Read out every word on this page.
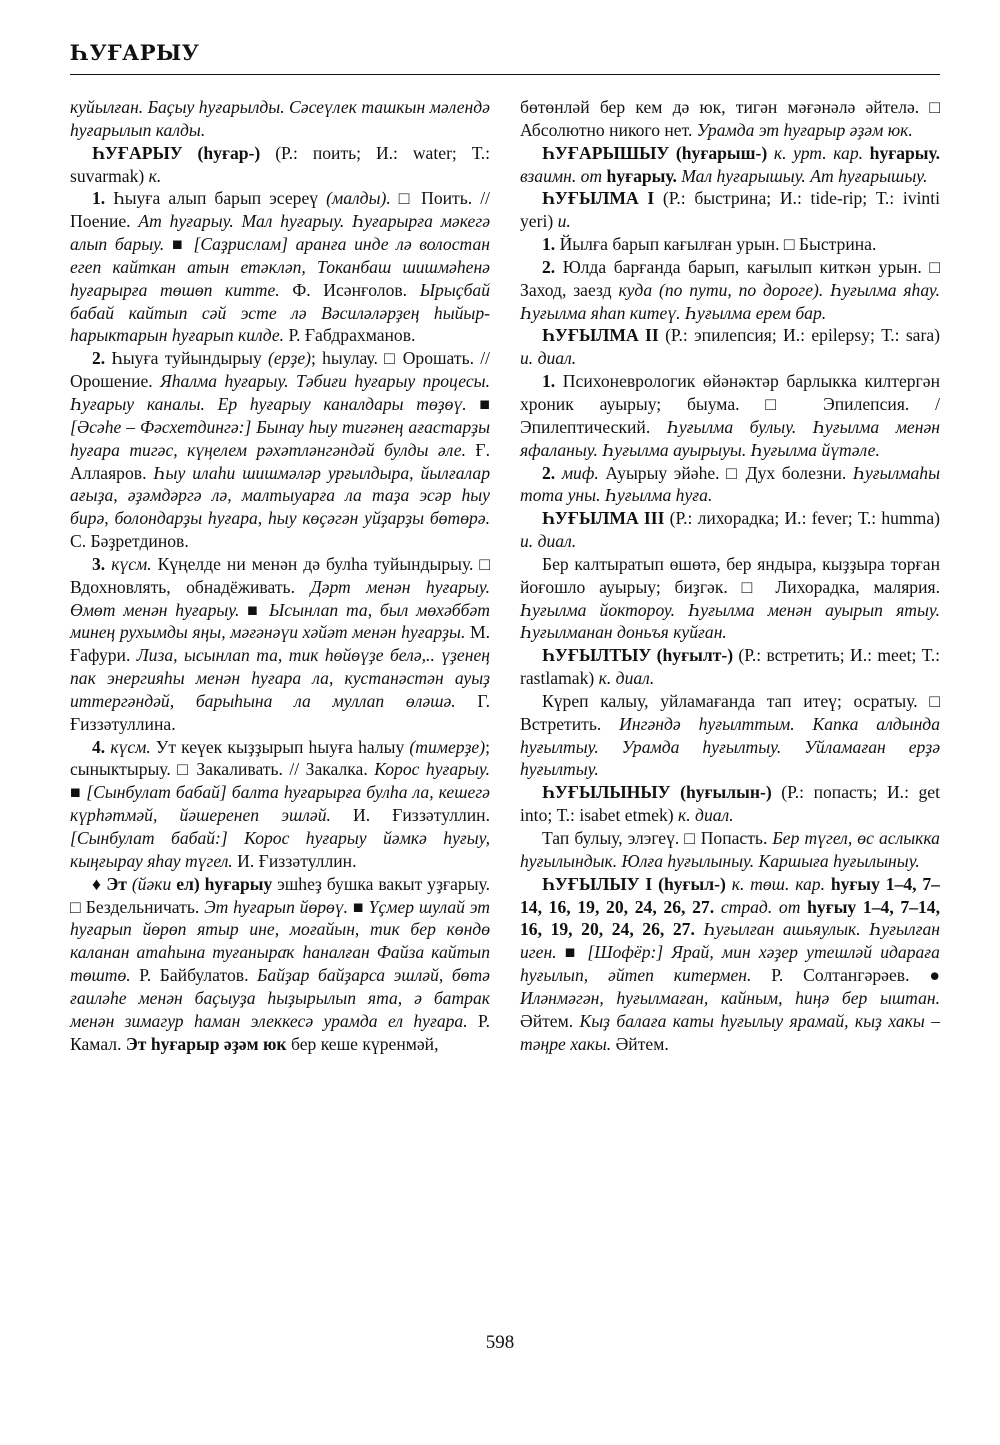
ҺУҒАРЫУ

куйылған. Баҫыу һуғарылды. Сәсеүлек ташкын мәлендә һуғарылып калды.

ҺУҒАРЫУ (һуғар-) (Р.: поить; И.: water; Т.: suvarmak) к.

1. Һыуға алып барып эсереү (малды). □ Поить. // Поение. Ат һуғарыу. Мал һуғарыу. Һуғарырға мәкегә алып барыу. ■ [Саҙрислам] аранға инде лә волостан егеп кайткан атын етәкләп, Токанбаш шишмәһенә һуғарырға төшөп китте. Ф. Исәнғолов. Ырыҫбай бабай кайтып сәй эсте лә Вәсиләләрҙең һыйыр-һарыктарын һуғарып килде. Р. Ғабдрахманов.

2. Һыуға туйындырыу (ерҙе); һыулау. □ Орошать. // Орошение. Яһалма һуғарыу. Тәбиғи һуғарыу процесы. Һуғарыу каналы. Ер һуғарыу каналдары төҙөү. ■ [Әсәһе – Фәсхетдингә:] Бынау һыу тигәнең ағастарҙы һуғара тигәс, күңелем рәхәтләнгәндәй булды әле. Ғ. Аллаяров. Һыу илаһи шишмәләр урғылдыра, йылғалар ағыҙа, әҙәмдәргә лә, малтыуарға ла таҙа эсәр һыу бирә, болондарҙы һуғара, һыу көҫәгән уйҙарҙы бөтөрә. С. Бәҙретдинов.

3. күсм. Күңелде ни менән дә булһа туйындырыу. □ Вдохновлять, обнадёживать. Дәрт менән һуғарыу. Өмөт менән һуғарыу. ■ Ысынлап та, был мөхәббәт минең рухымды яңы, мәғәнәүи хәйәт менән һуғарҙы. М. Ғафури. Лиза, ысынлап та, тик һөйөүҙе белә,.. үҙенең пак энергияһы менән һуғара ла, кустанәстән ауыҙ иттергәндәй, барыһына ла муллап өләшә. Г. Ғиззәтуллина.

4. күсм. Ут кеүек кыҙҙырып һыуға һалыу (тимерҙе); сыныктырыу. □ Закаливать. // Закалка. Корос һуғарыу. ■ [Сынбулат бабай] балта һуғарырға булһа ла, кешегә күрһәтмәй, йәшеренеп эшләй. И. Ғиззәтуллин. [Сынбулат бабай:] Корос һуғарыу йәмкә һуғыу, кыңғырау яһау түгел. И. Ғиззәтуллин.

♦ Эт (йәки ел) һуғарыу эшһеҙ бушка вакыт уҙғарыу. □ Бездельничать. Эт һуғарып йөрөү. ■ Үҫмер шулай эт һуғарып йөрөп ятыр ине, моғайын, тик бер көндө каланан атаһына туғаныраҡ һаналған Файза кайтып төштө. Р. Байбулатов. Байҙар байҙарса эшләй, бөтә ғаиләһе менән баҫыуҙа һыҙырылып ята, ә батрак менән зимагур һаман элеккесә урамда ел һуғара. Р. Камал. Эт һуғарыр әҙәм юк бер кеше күренмәй,

бөтөнләй бер кем дә юк, тигән мәғәнәлә әйтелә. □ Абсолютно никого нет. Урамда эт һуғарыр әҙәм юк.

ҺУҒАРЫШЫУ (һуғарыш-) к. урт. кар. һуғарыу. взаимн. от һуғарыу. Мал һуғарышыу. Ат һуғарышыу.

ҺУҒЫЛМА I (Р.: быстрина; И.: tide-rip; Т.: ivinti yeri) и.

1. Йылға барып кағылған урын. □ Быстрина.

2. Юлда барғанда барып, кағылып киткән урын. □ Заход, заезд куда (по пути, по дороге). Һуғылма яһау. Һуғылма яһап китеү. Һуғылма ерем бар.

ҺУҒЫЛМА II (Р.: эпилепсия; И.: epilepsy; Т.: sara) и. диал.

1. Психоневрологик өйәнәктәр барлыкка килтергән хроник ауырыу; быума. □ Эпилепсия. / Эпилептический. Һуғылма булыу. Һуғылма менән яфаланыу. Һуғылма ауырыуы. Һуғылма йүтәле.

2. миф. Ауырыу эйәһе. □ Дух болезни. Һуғылмаһы тота уны. Һуғылма һуға.

ҺУҒЫЛМА III (Р.: лихорадка; И.: fever; Т.: humma) и. диал.

Бер калтыратып өшөтә, бер яндыра, кыҙҙыра торған йоғошло ауырыу; биҙгәк. □ Лихорадка, малярия. Һуғылма йоктороу. Һуғылма менән ауырып ятыу. Һуғылманан доньъя куйған.

ҺУҒЫЛТЫУ (һуғылт-) (Р.: встретить; И.: meet; Т.: rastlamak) к. диал.

Күреп калыу, уйламағанда тап итеү; осратыу. □ Встретить. Ингәндә һуғылттым. Капка алдында һуғылтыу. Урамда һуғылтыу. Уйламаған ерҙә һуғылтыу.

ҺУҒЫЛЫНЫУ (һуғылын-) (Р.: попасть; И.: get into; Т.: isabet etmek) к. диал.

Тап булыу, элэгеү. □ Попасть. Бер түгел, өс аслыкка һуғылындык. Юлға һуғылыныу. Каршыға һуғылыныу.

ҺУҒЫЛЫУ I (һуғыл-) к. төш. кар. һуғыу 1–4, 7–14, 16, 19, 20, 24, 26, 27. страд. от һуғыу 1–4, 7–14, 16, 19, 20, 24, 26, 27. Һуғылған ашьяулык. Һуғылған иген. ■ [Шофёр:] Ярай, мин хәҙер утешләй идараға һуғылып, әйтеп китермен. Р. Солтангәрәев. ● Иләнмәгән, һуғылмаған, кайным, һиңә бер ыштан. Әйтем. Кыҙ балаға каты һуғылыу ярамай, кыҙ хакы – тәңре хакы. Әйтем.

598
